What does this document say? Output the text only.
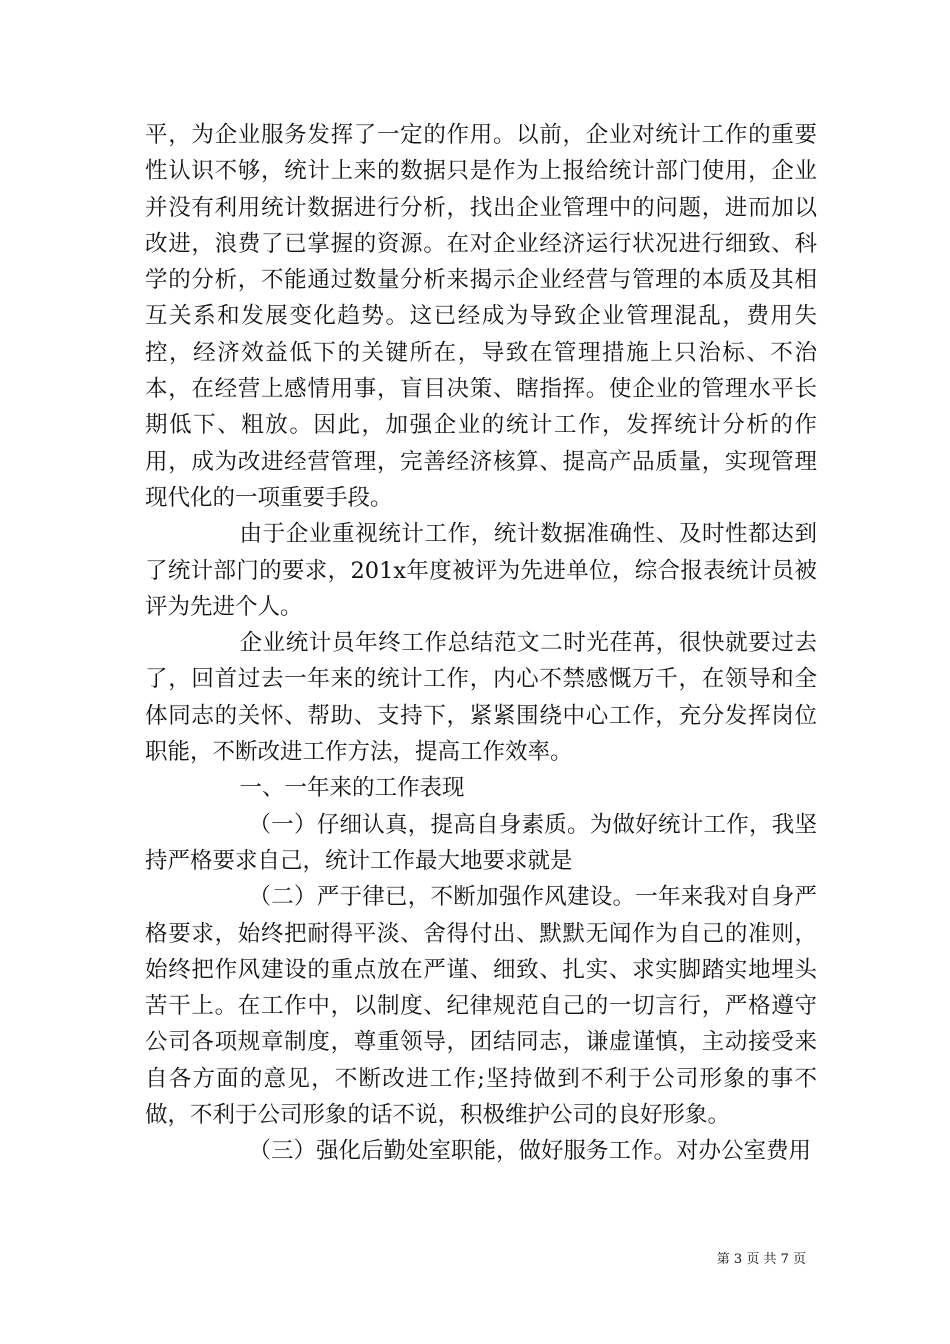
平，为企业服务发挥了一定的作用。以前，企业对统计工作的重要性认识不够，统计上来的数据只是作为上报给统计部门使用，企业并没有利用统计数据进行分析，找出企业管理中的问题，进而加以改进，浪费了已掌握的资源。在对企业经济运行状况进行细致、科学的分析，不能通过数量分析来揭示企业经营与管理的本质及其相互关系和发展变化趋势。这已经成为导致企业管理混乱，费用失控，经济效益低下的关键所在，导致在管理措施上只治标、不治本，在经营上感情用事，盲目决策、瞎指挥。使企业的管理水平长期低下、粗放。因此，加强企业的统计工作，发挥统计分析的作用，成为改进经营管理，完善经济核算、提高产品质量，实现管理现代化的一项重要手段。

由于企业重视统计工作，统计数据准确性、及时性都达到了统计部门的要求，201x年度被评为先进单位，综合报表统计员被评为先进个人。

企业统计员年终工作总结范文二时光荏苒，很快就要过去了，回首过去一年来的统计工作，内心不禁感慨万千，在领导和全体同志的关怀、帮助、支持下，紧紧围绕中心工作，充分发挥岗位职能，不断改进工作方法，提高工作效率。

一、一年来的工作表现

（一）仔细认真，提高自身素质。为做好统计工作，我坚持严格要求自己，统计工作最大地要求就是

（二）严于律已，不断加强作风建设。一年来我对自身严格要求，始终把耐得平淡、舍得付出、默默无闻作为自己的准则，始终把作风建设的重点放在严谨、细致、扎实、求实脚踏实地埋头苦干上。在工作中，以制度、纪律规范自己的一切言行，严格遵守公司各项规章制度，尊重领导，团结同志，谦虚谨慎，主动接受来自各方面的意见，不断改进工作;坚持做到不利于公司形象的事不做，不利于公司形象的话不说，积极维护公司的良好形象。

（三）强化后勤处室职能，做好服务工作。对办公室费用

第 3 页 共 7 页
